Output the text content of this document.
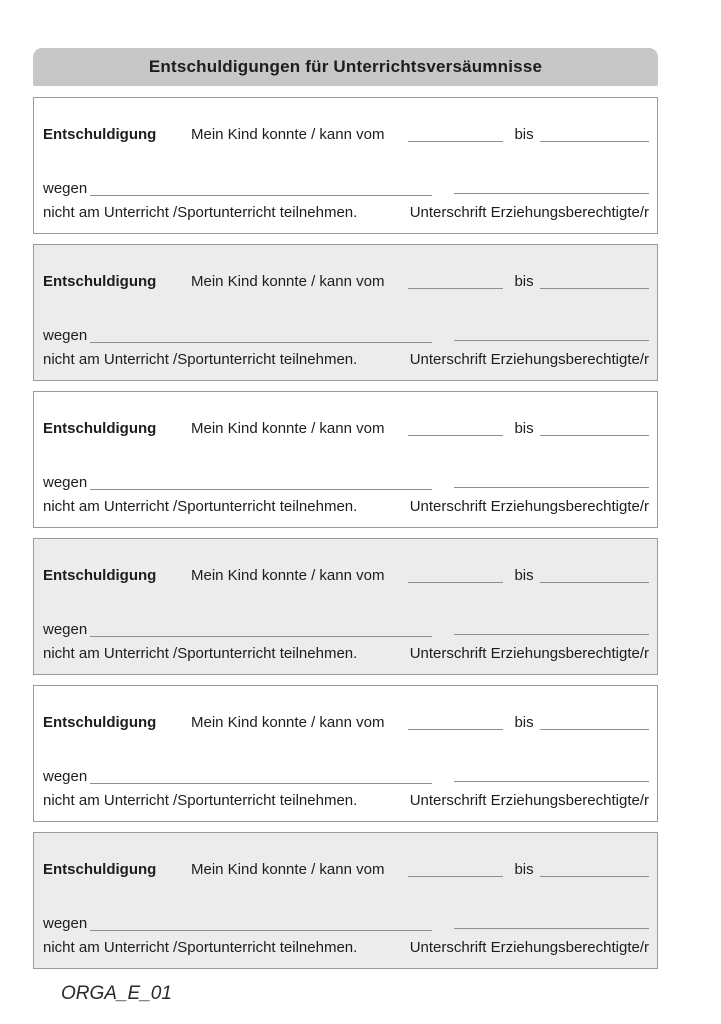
Entschuldigungen für Unterrichtsversäumnisse
Entschuldigung	Mein Kind konnte / kann vom	bis
wegen
nicht am Unterricht /Sportunterricht teilnehmen.	Unterschrift Erziehungsberechtigte/r
Entschuldigung	Mein Kind konnte / kann vom	bis
wegen
nicht am Unterricht /Sportunterricht teilnehmen.	Unterschrift Erziehungsberechtigte/r
Entschuldigung	Mein Kind konnte / kann vom	bis
wegen
nicht am Unterricht /Sportunterricht teilnehmen.	Unterschrift Erziehungsberechtigte/r
Entschuldigung	Mein Kind konnte / kann vom	bis
wegen
nicht am Unterricht /Sportunterricht teilnehmen.	Unterschrift Erziehungsberechtigte/r
Entschuldigung	Mein Kind konnte / kann vom	bis
wegen
nicht am Unterricht /Sportunterricht teilnehmen.	Unterschrift Erziehungsberechtigte/r
Entschuldigung	Mein Kind konnte / kann vom	bis
wegen
nicht am Unterricht /Sportunterricht teilnehmen.	Unterschrift Erziehungsberechtigte/r
ORGA_E_01
